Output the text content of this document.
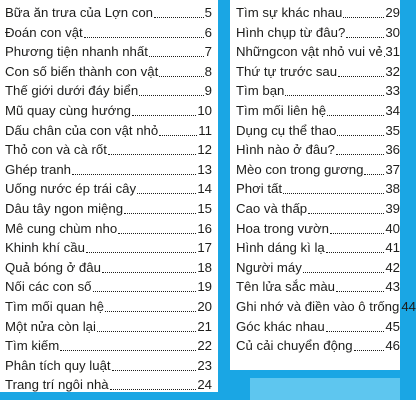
Bữa ăn trưa của Lợn con	5
Đoán con vật	6
Phương tiện nhanh nhất	7
Con số biến thành con vật	8
Thế giới dưới đáy biển	9
Mũ quay cùng hướng	10
Dấu chân của con vật nhỏ	11
Thỏ con và cà rốt	12
Ghép tranh	13
Uống nước ép trái cây	14
Dâu tây ngon miệng	15
Mê cung chùm nho	16
Khinh khí cầu	17
Quả bóng ở đâu	18
Nối các con số	19
Tìm mối quan hệ	20
Một nửa còn lại	21
Tìm kiếm	22
Phân tích quy luật	23
Trang trí ngôi nhà	24
Tìm sự khác nhau	29
Hình chụp từ đâu?	30
Nhữngcon vật nhỏ vui vẻ 31
Thứ tự trước sau	32
Tìm bạn	33
Tìm mối liên hệ	34
Dụng cụ thể thao	35
Hình nào ở đâu?	36
Mèo con trong gương 37
Phơi tất	38
Cao và thấp	39
Hoa trong vườn	40
Hình dáng kì lạ	41
Người máy	42
Tên lửa sắc màu	43
Ghi nhớ và điền vào ô trống 44
Góc khác nhau	45
Củ cải chuyển động 46
